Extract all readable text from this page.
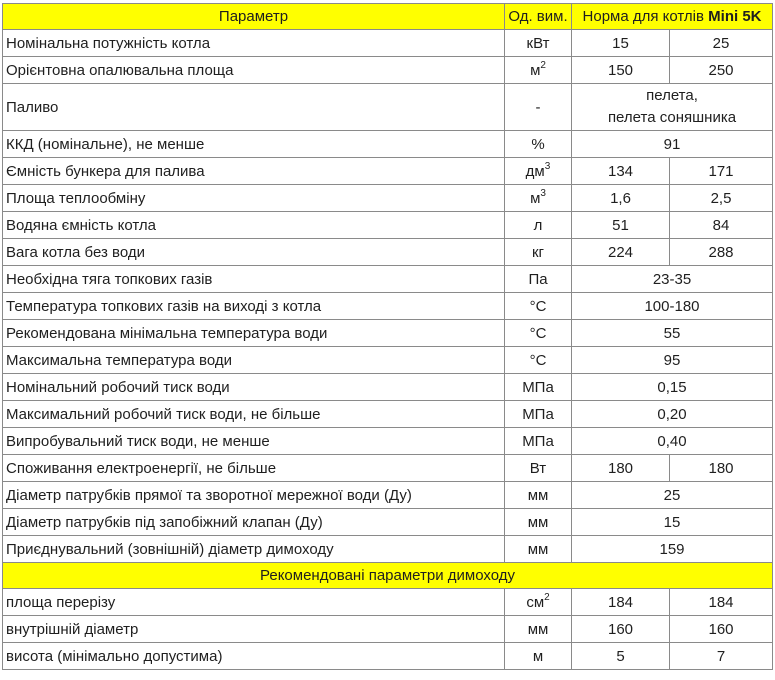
Параметр	Од. вим.	Норма для котлів Mini 5K	
Номінальна потужність котла	кВт	15	25
Орієнтовна опалювальна площа	$м^2$	150	250
Паливо	-	пелета,
пелета соняшника	
ККД (номінальне), не менше	%	91	
Ємність бункера для палива	$дм^3$	134	171
Площа теплообміну	$м^3$	1,6	2,5
Водяна ємність котла	л	51	84
Вага котла без води	кг	224	288
Необхідна тяга топкових газів	Па	23-35	
Температура топкових газів на виході з котла	°C	100-180	
Рекомендована мінімальна температура води	°C	55	
Максимальна температура води	°C	95	
Номінальний робочий тиск води	МПа	0,15	
Максимальний робочий тиск води, не більше	МПа	0,20	
Випробувальний тиск води, не менше	МПа	0,40	
Споживання електроенергії, не більше	Вт	180	180
Діаметр патрубків прямої та зворотної мережної води (Ду)	мм	25	
Діаметр патрубків під запобіжний клапан (Ду)	мм	15	
Приєднувальний (зовнішній) діаметр димоходу	мм	159	
Рекомендовані параметри димоходу			
площа перерізу	$см^2$	184	184
внутрішній діаметр	мм	160	160
висота (мінімально допустима)	м	5	7
